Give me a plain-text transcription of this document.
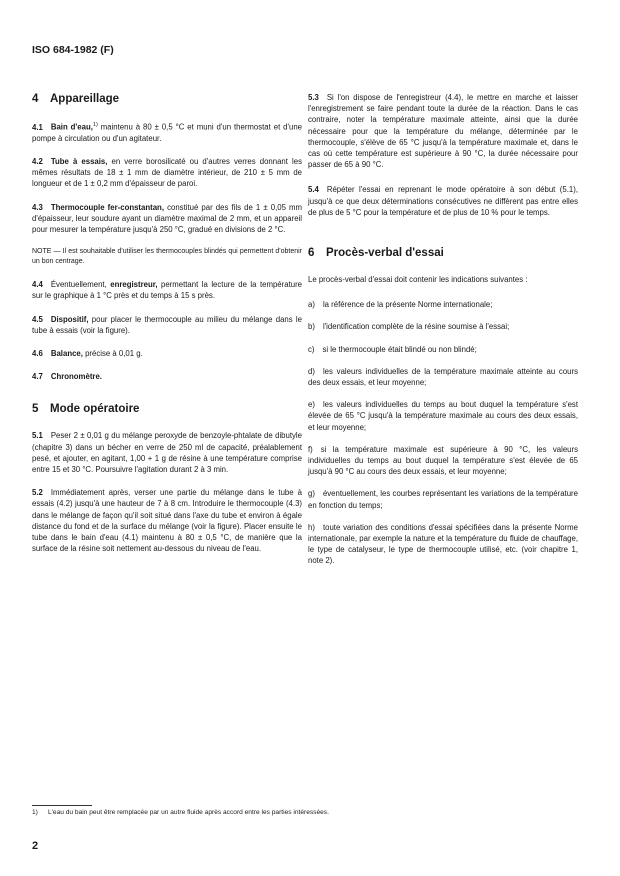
ISO 684-1982 (F)
4 Appareillage
4.1 Bain d'eau,$^{1)}$ maintenu à 80 ± 0,5 °C et muni d'un thermostat et d'une pompe à circulation ou d'un agitateur.
4.2 Tube à essais, en verre borosilicaté ou d'autres verres donnant les mêmes résultats de 18 ± 1 mm de diamètre intérieur, de 210 ± 5 mm de longueur et de 1 ± 0,2 mm d'épaisseur de paroi.
4.3 Thermocouple fer-constantan, constitué par des fils de 1 ± 0,05 mm d'épaisseur, leur soudure ayant un diamètre maximal de 2 mm, et un appareil pour mesurer la température jusqu'à 250 °C, gradué en divisions de 2 °C.
NOTE — Il est souhaitable d'utiliser les thermocouples blindés qui permettent d'obtenir un bon centrage.
4.4 Éventuellement, enregistreur, permettant la lecture de la température sur le graphique à 1 °C près et du temps à 15 s près.
4.5 Dispositif, pour placer le thermocouple au milieu du mélange dans le tube à essais (voir la figure).
4.6 Balance, précise à 0,01 g.
4.7 Chronomètre.
5 Mode opératoire
5.1 Peser 2 ± 0,01 g du mélange peroxyde de benzoyle-phtalate de dibutyle (chapitre 3) dans un bécher en verre de 250 ml de capacité, préalablement pesé, et ajouter, en agitant, 1,00 + 1 g de résine à une température comprise entre 15 et 30 °C. Poursuivre l'agitation durant 2 à 3 min.
5.2 Immédiatement après, verser une partie du mélange dans le tube à essais (4.2) jusqu'à une hauteur de 7 à 8 cm. Introduire le thermocouple (4.3) dans le mélange de façon qu'il soit situé dans l'axe du tube et environ à égale distance du fond et de la surface du mélange (voir la figure). Placer ensuite le tube dans le bain d'eau (4.1) maintenu à 80 ± 0,5 °C, de manière que la surface de la résine soit nettement au-dessous du niveau de l'eau.
5.3 Si l'on dispose de l'enregistreur (4.4), le mettre en marche et laisser l'enregistrement se faire pendant toute la durée de la réaction. Dans le cas contraire, noter la température maximale atteinte, ainsi que la durée nécessaire pour que la température du mélange, déterminée par le thermocouple, s'élève de 65 °C jusqu'à la température maximale et, dans le cas où cette température est supérieure à 90 °C, la durée nécessaire pour passer de 65 à 90 °C.
5.4 Répéter l'essai en reprenant le mode opératoire à son début (5.1), jusqu'à ce que deux déterminations consécutives ne diffèrent pas entre elles de plus de 5 °C pour la température et de plus de 10 % pour le temps.
6 Procès-verbal d'essai
Le procès-verbal d'essai doit contenir les indications suivantes :
a) la référence de la présente Norme internationale;
b) l'identification complète de la résine soumise à l'essai;
c) si le thermocouple était blindé ou non blindé;
d) les valeurs individuelles de la température maximale atteinte au cours des deux essais, et leur moyenne;
e) les valeurs individuelles du temps au bout duquel la température s'est élevée de 65 °C jusqu'à la température maximale au cours des deux essais, et leur moyenne;
f) si la température maximale est supérieure à 90 °C, les valeurs individuelles du temps au bout duquel la température s'est élevée de 65 jusqu'à 90 °C au cours des deux essais, et leur moyenne;
g) éventuellement, les courbes représentant les variations de la température en fonction du temps;
h) toute variation des conditions d'essai spécifiées dans la présente Norme internationale, par exemple la nature et la température du fluide de chauffage, le type de catalyseur, le type de thermocouple utilisé, etc. (voir chapitre 1, note 2).
1) L'eau du bain peut être remplacée par un autre fluide après accord entre les parties intéressées.
2
